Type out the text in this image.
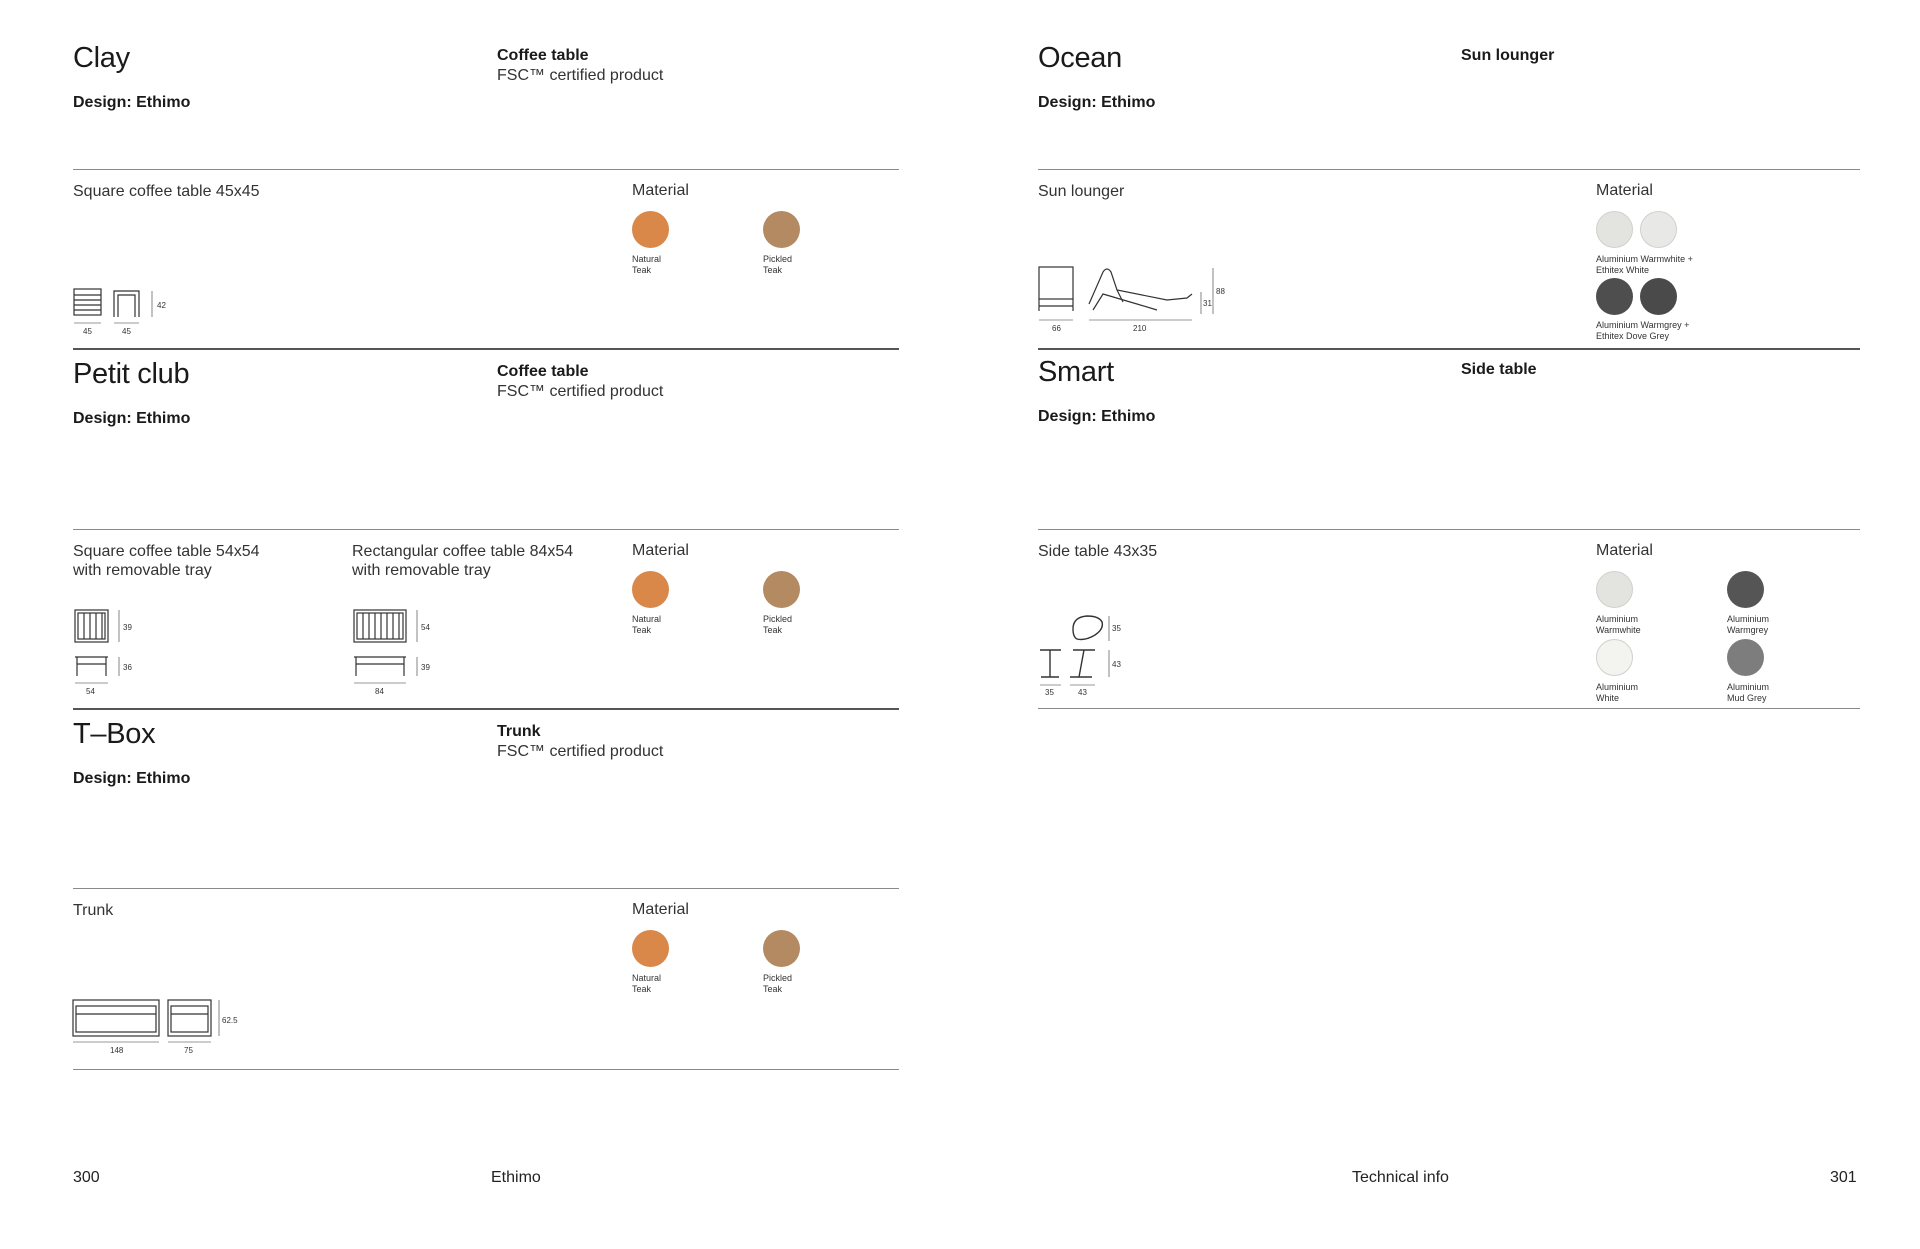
Clay
Design: Ethimo
Coffee table
FSC™ certified product
Square coffee table 45x45	Material
Natural
Teak
Pickled
Teak
45	45
42
Petit club
Design: Ethimo
Coffee table
FSC™ certified product
Square coffee table 54x54
with removable tray
Rectangular coffee table 84x54
with removable tray
Material
Natural
Teak
Pickled
Teak
54
39
36
84
54
39
T–Box
Design: Ethimo
Trunk
FSC™ certified product
Trunk	Material
Natural
Teak
Pickled
Teak
148	75
62.5
300	Ethimo
Ocean
Design: Ethimo
Sun lounger
Sun lounger	Material
Aluminium Warmwhite +
Ethitex White
Aluminium Warmgrey +
Ethitex Dove Grey
66	210
31
88
Smart
Design: Ethimo
Side table
Side table 43x35	Material
Aluminium
Warmwhite
Aluminium
Warmgrey
Aluminium
White
Aluminium
Mud Grey
35	43
35
43
Technical info	301
